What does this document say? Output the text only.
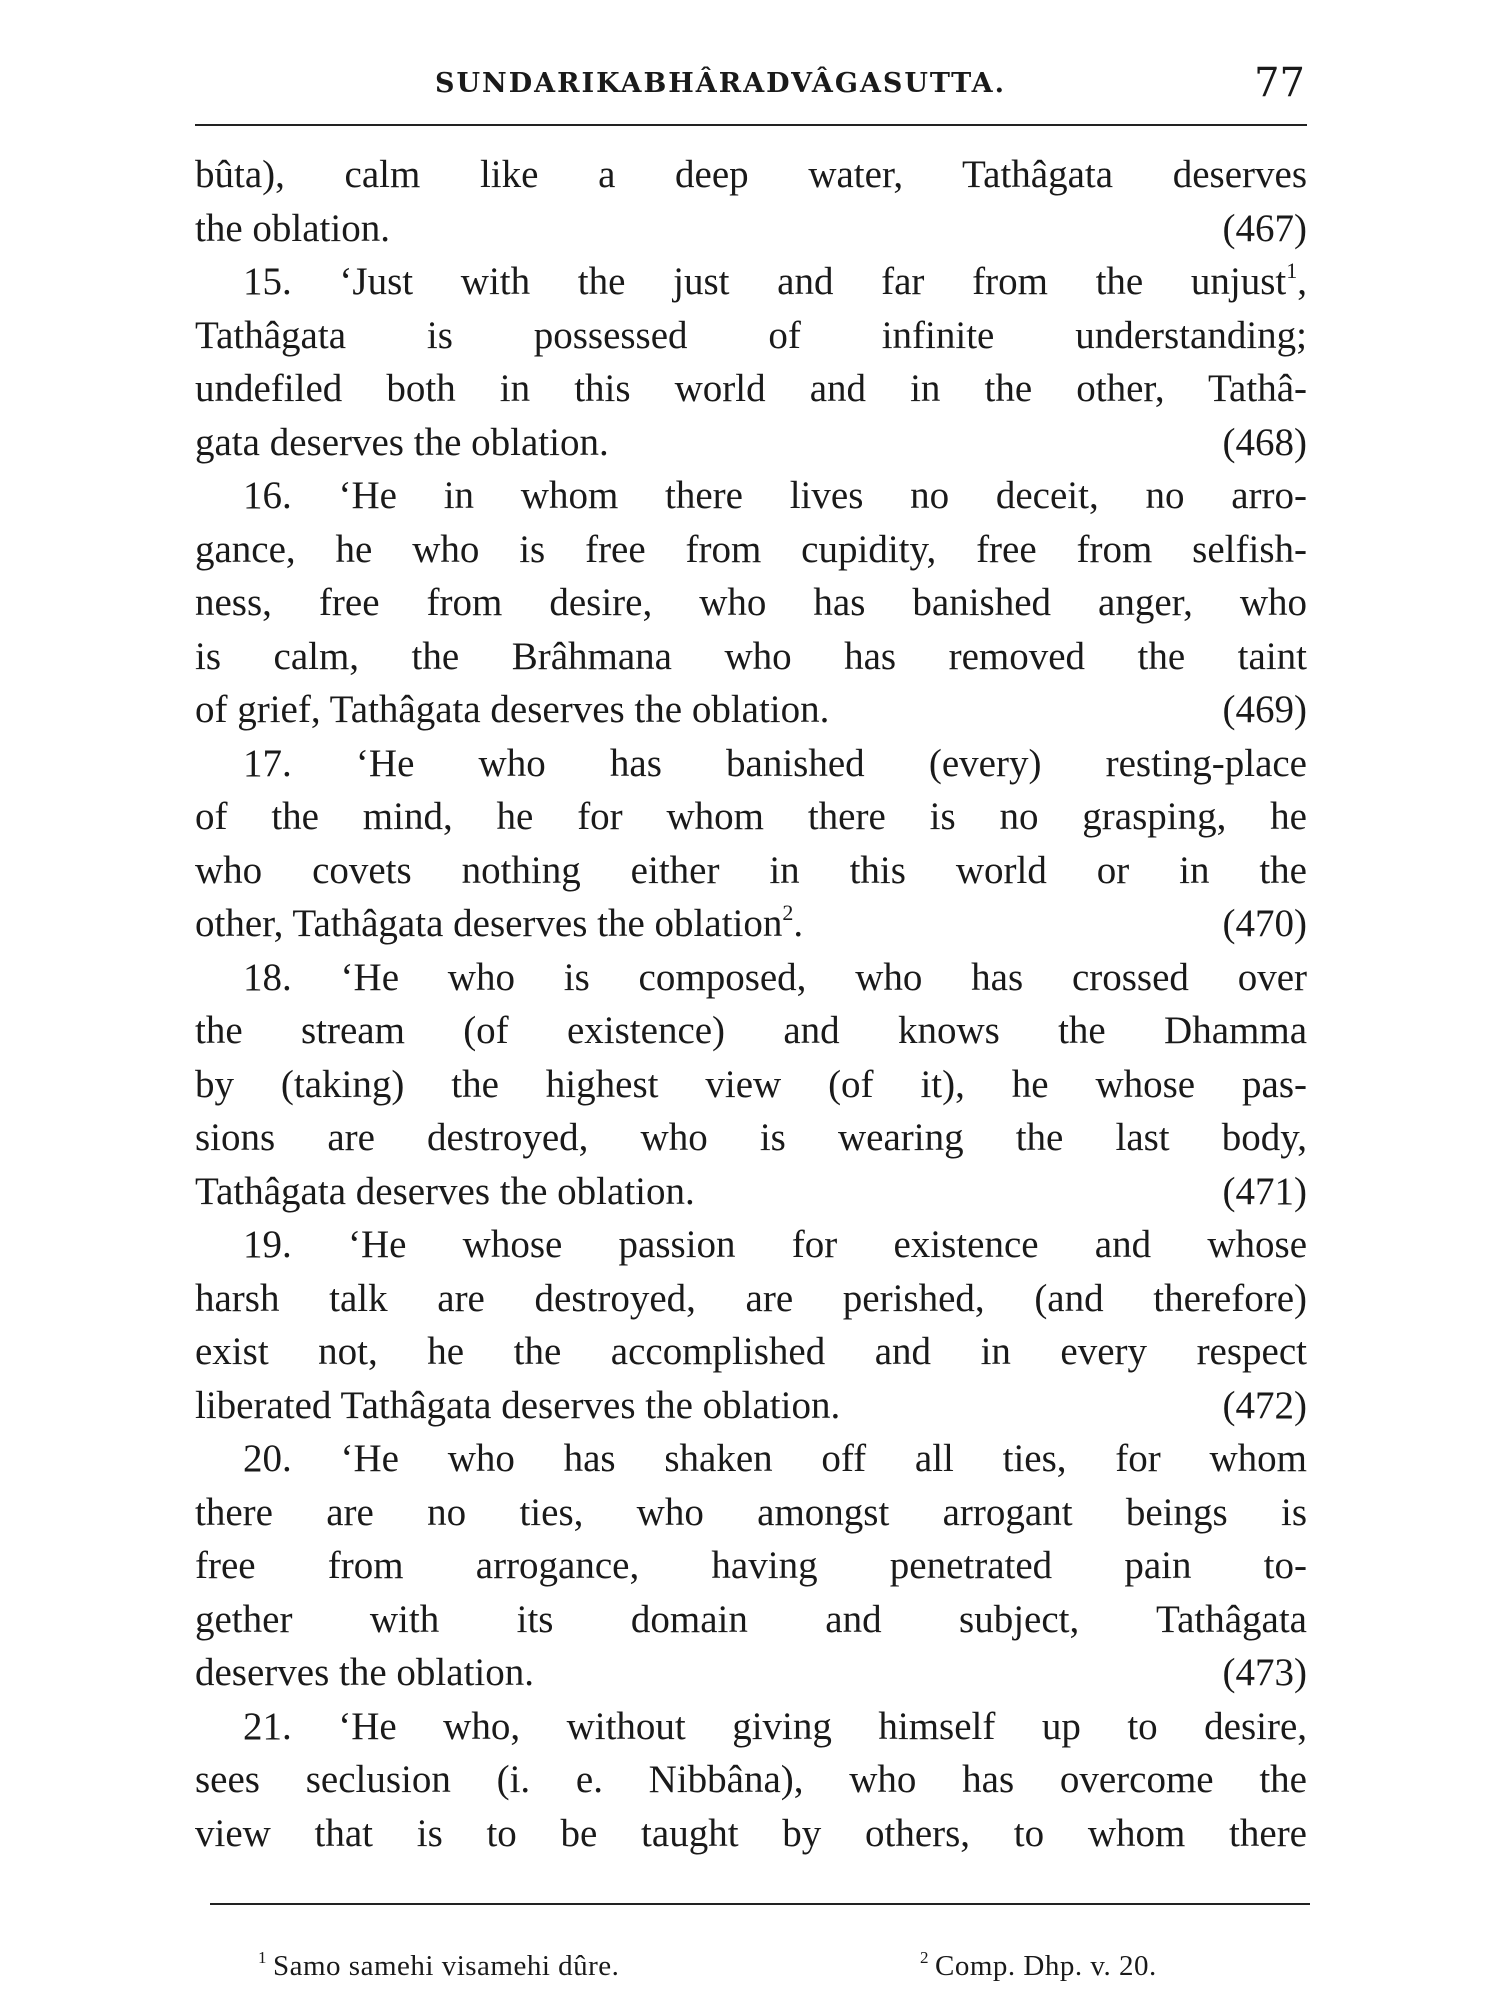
SUNDARIKABHÂRADVÂGASUTTA.	77
bûta), calm like a deep water, Tathâgata deserves
the oblation.	(467)
15. ‘Just with the just and far from the unjust$^1$,
Tathâgata is possessed of infinite understanding;
undefiled both in this world and in the other, Tathâ-
gata deserves the oblation.	(468)
16. ‘He in whom there lives no deceit, no arro-
gance, he who is free from cupidity, free from selfish-
ness, free from desire, who has banished anger, who
is calm, the Brâhmana who has removed the taint
of grief, Tathâgata deserves the oblation.	(469)
17. ‘He who has banished (every) resting-place
of the mind, he for whom there is no grasping, he
who covets nothing either in this world or in the
other, Tathâgata deserves the oblation$^2$.	(470)
18. ‘He who is composed, who has crossed over
the stream (of existence) and knows the Dhamma
by (taking) the highest view (of it), he whose pas-
sions are destroyed, who is wearing the last body,
Tathâgata deserves the oblation.	(471)
19. ‘He whose passion for existence and whose
harsh talk are destroyed, are perished, (and therefore)
exist not, he the accomplished and in every respect
liberated Tathâgata deserves the oblation.	(472)
20. ‘He who has shaken off all ties, for whom
there are no ties, who amongst arrogant beings is
free from arrogance, having penetrated pain to-
gether with its domain and subject, Tathâgata
deserves the oblation.	(473)
21. ‘He who, without giving himself up to desire,
sees seclusion (i. e. Nibbâna), who has overcome the
view that is to be taught by others, to whom there
$^1$ Samo samehi visamehi dûre.	$^2$ Comp. Dhp. v. 20.
